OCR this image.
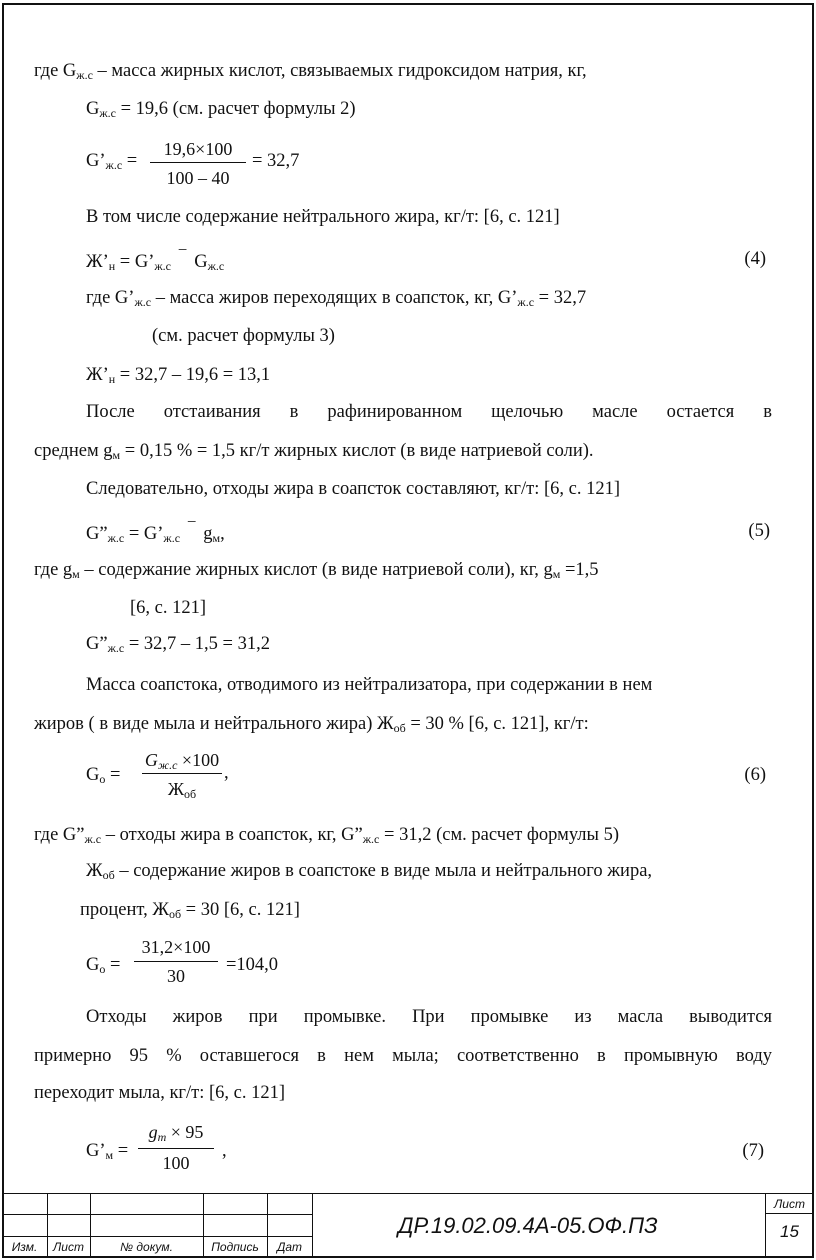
где $G_{ж.с}$ – масса жирных кислот, связываемых гидроксидом натрия, кг,
$G_{ж.с} = 19,6$ (см. расчет формулы 2)
$G’_{ж.с}$ =
19,6×100
100 – 40
= 32,7
В том числе содержание нейтрального жира, кг/т: [6, с. 121]
$Ж’_н$ = $G’_{ж.с}$ ‾ $G_{ж.с}$	(4)
где $G’_{ж.с}$ – масса жиров переходящих в соапсток, кг, $G’_{ж.с} = 32,7$
(см. расчет формулы 3)
$Ж’_н = 32,7 - 19,6 = 13,1$
После отстаивания в рафинированном щелочью масле остается в
среднем $g_м = 0,15$ % = 1,5 кг/т жирных кислот (в виде натриевой соли).
Следовательно, отходы жира в соапсток составляют, кг/т: [6, с. 121]
$G”_{ж.с}$ = $G’_{ж.с}$ ‾ $g_м$,	(5)
где $g_м$ – содержание жирных кислот (в виде натриевой соли), кг, $g_м =1,5$
[6, с. 121]
$G”_{ж.с} = 32,7 - 1,5 = 31,2$
Масса соапстока, отводимого из нейтрализатора, при содержании в нем
жиров ( в виде мыла и нейтрального жира) $Ж_{об} = 30$ % [6, с. 121], кг/т:
$G_о$ =	(6)
$G_{ж.с} \times 100$
$Ж_{об}$
,
где $G”_{ж.с}$ – отходы жира в соапсток, кг, $G”_{ж.с} = 31,2$ (см. расчет формулы 5)
$Ж_{об}$ – содержание жиров в соапстоке в виде мыла и нейтрального жира,
процент, $Ж_{об} = 30$ [6, с. 121]
$G_о$ =
31,2×100
30
=104,0
Отходы жиров при промывке. При промывке из масла выводится
примерно 95 % оставшегося в нем мыла; соответственно в промывную воду
переходит мыла, кг/т: [6, с. 121]
$G’_м$ =	(7)
$g_m \times 95$
100
,
Изм.	Лист	№ докум.	Подпись	Дат
ДР.19.02.09.4А-05.ОФ.ПЗ
Лист
15
